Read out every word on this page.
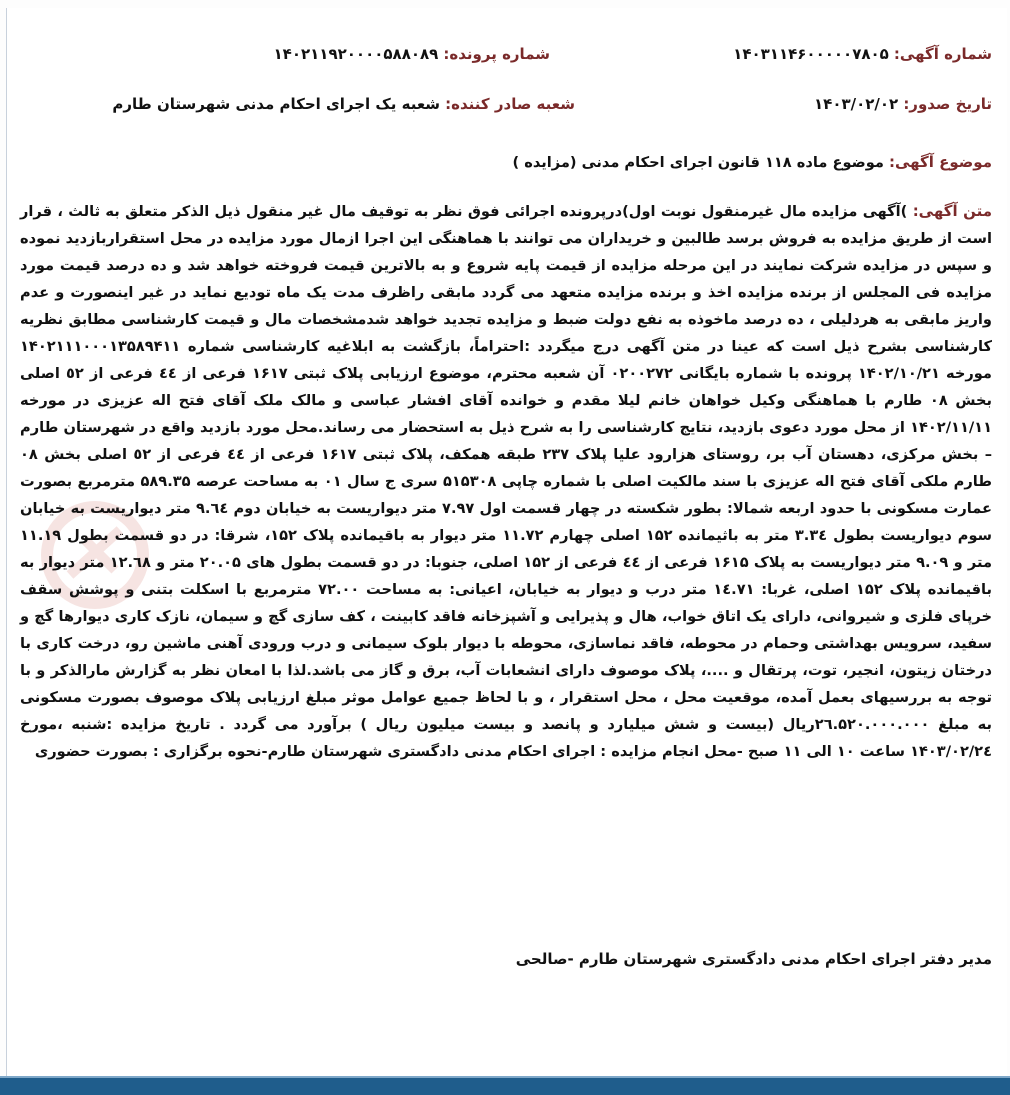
شماره آگهی: ۱۴۰۳۱۱۴۶۰۰۰۰۰۷۸۰۵
شماره پرونده: ۱۴۰۲۱۱۹۲۰۰۰۰۵۸۸۰۸۹
تاریخ صدور: ۱۴۰۳/۰۲/۰۲
شعبه صادر کننده: شعبه یک اجرای احکام مدنی شهرستان طارم
موضوع آگهی: موضوع ماده ۱۱۸ قانون اجرای احکام مدنی (مزایده )
متن آگهی: )آگهی مزایده مال غیرمنقول نوبت اول)درپرونده اجرائی فوق نظر به توقیف مال غیر منقول ذیل الذکر متعلق به ثالث ، قرار است از طریق مزایده به فروش برسد طالبین و خریداران می توانند با هماهنگی این اجرا ازمال مورد مزایده در محل استقراربازدید نموده و سپس در مزایده شرکت نمایند در این مرحله مزایده از قیمت پایه شروع و به بالاترین قیمت فروخته خواهد شد و ده درصد قیمت مورد مزایده فی المجلس از برنده مزایده اخذ و برنده مزایده متعهد می گردد مابقی راظرف مدت یک ماه تودیع نماید در غیر اینصورت و عدم واریز مابقی به هردلیلی ، ده درصد ماخوذه به نفع دولت ضبط و مزایده تجدید خواهد شدمشخصات مال و قیمت کارشناسی مطابق نظریه کارشناسی بشرح ذیل است که عینا در متن آگهی درج میگردد :احتراماً، بازگشت به ابلاغیه کارشناسی شماره ۱۴۰۲۱۱۱۰۰۰۱۳۵۸۹۴۱۱ مورخه ۱۴۰۲/۱۰/۲۱ پرونده با شماره بایگانی ۰۲۰۰۲۷۲ آن شعبه محترم، موضوع ارزیابی پلاک ثبتی ۱۶۱۷ فرعی از ٤٤ فرعی از ٥٢ اصلی بخش ۰۸ طارم با هماهنگی وکیل خواهان خانم لیلا مقدم و خوانده آقای افشار عباسی و مالک ملک آقای فتح اله عزیزی در مورخه ۱۴۰۲/۱۱/۱۱ از محل مورد دعوی بازدید، نتایج کارشناسی را به شرح ذیل به استحضار می رساند.محل مورد بازدید واقع در شهرستان طارم – بخش مرکزی، دهستان آب بر، روستای هزارود علیا پلاک ۲۳۷ طبقه همکف، پلاک ثبتی ۱۶۱۷ فرعی از ٤٤ فرعی از ٥٢ اصلی بخش ۰۸ طارم ملکی آقای فتح اله عزیزی با سند مالکیت اصلی با شماره چاپی ۵۱۵۳۰۸ سری ج سال ۰۱ به مساحت عرصه ۵۸۹.۳۵ مترمربع بصورت عمارت مسکونی با حدود اربعه شمالا: بطور شکسته در چهار قسمت اول ۷.۹۷ متر دیواریست به خیابان دوم ۹.٦٤ متر دیواریست به خیابان سوم دیواریست بطول ۳.۳٤ متر به باثیمانده ۱۵۲ اصلی چهارم ۱۱.۷۲ متر دیوار به باقیمانده پلاک ۱۵۲، شرقا: در دو قسمت بطول ۱۱.۱۹ متر و ۹.۰۹ متر دیواریست به پلاک ۱۶۱۵ فرعی از ٤٤ فرعی از ۱۵۲ اصلی، جنوبا: در دو قسمت بطول های ۲۰.۰۵ متر و ۱۲.٦۸ متر دیوار به باقیمانده پلاک ۱۵۲ اصلی، غربا: ۱٤.۷۱ متر درب و دیوار به خیابان، اعیانی: به مساحت ۷۲.۰۰ مترمربع با اسکلت بتنی و پوشش سقف خرپای فلزی و شیروانی، دارای یک اتاق خواب، هال و پذیرایی و آشپزخانه فاقد کابینت ، کف سازی گچ و سیمان، نازک کاری دیوارها گچ و سفید، سرویس بهداشتی وحمام در محوطه، فاقد نماسازی، محوطه با دیوار بلوک سیمانی و درب ورودی آهنی ماشین رو، درخت کاری با درختان زیتون، انجیر، توت، پرتقال و ....، پلاک موصوف دارای انشعابات آب، برق و گاز می باشد.لذا با امعان نظر به گزارش مارالذکر و با توجه به بررسیهای بعمل آمده، موقعیت محل ، محل استقرار ، و با لحاظ جمیع عوامل موثر مبلغ ارزیابی پلاک موصوف بصورت مسکونی به مبلغ ۲٦.۵۲۰.۰۰۰.۰۰۰ریال (بیست و شش میلیارد و پانصد و بیست میلیون ریال ) برآورد می گردد . تاریخ مزایده :شنبه ،مورخ ۱۴۰۳/۰۲/۲٤ ساعت ۱۰ الی ۱۱ صبح -محل انجام مزایده : اجرای احکام مدنی دادگستری شهرستان طارم-نحوه برگزاری : بصورت حضوری
مدیر دفتر اجرای احکام مدنی دادگستری شهرستان طارم -صالحی
